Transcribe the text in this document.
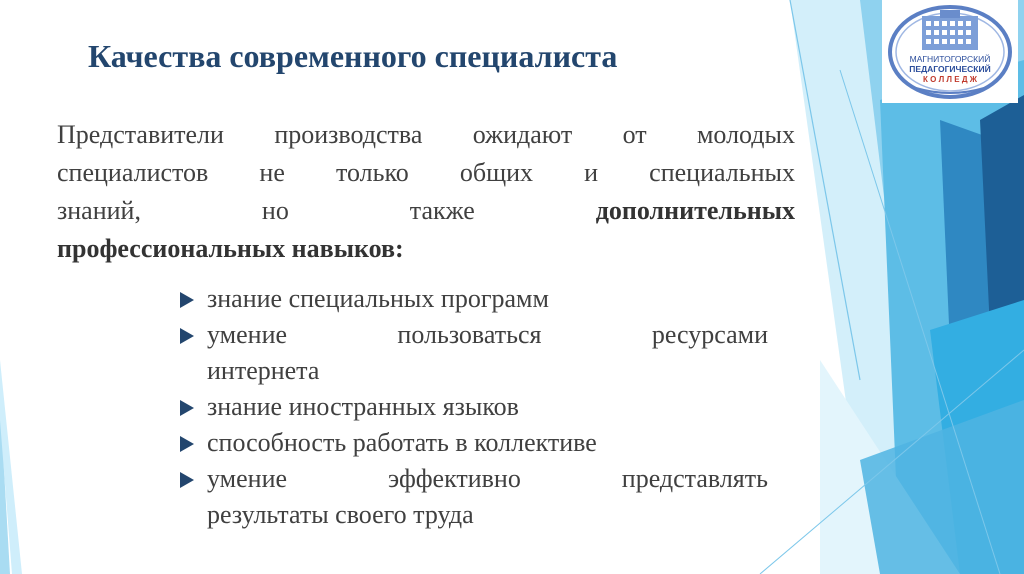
Качества современного специалиста

Представители производства ожидают от молодых
специалистов не только общих и специальных
знаний, но также	дополнительных
профессиональных навыков:

знание специальных программ
умение пользоваться ресурсами
интернета
знание иностранных языков
способность работать в коллективе
умение эффективно представлять
результаты своего труда
МАГНИТОГОРСКИЙ
ПЕДАГОГИЧЕСКИЙ
К О Л Л Е Д Ж
